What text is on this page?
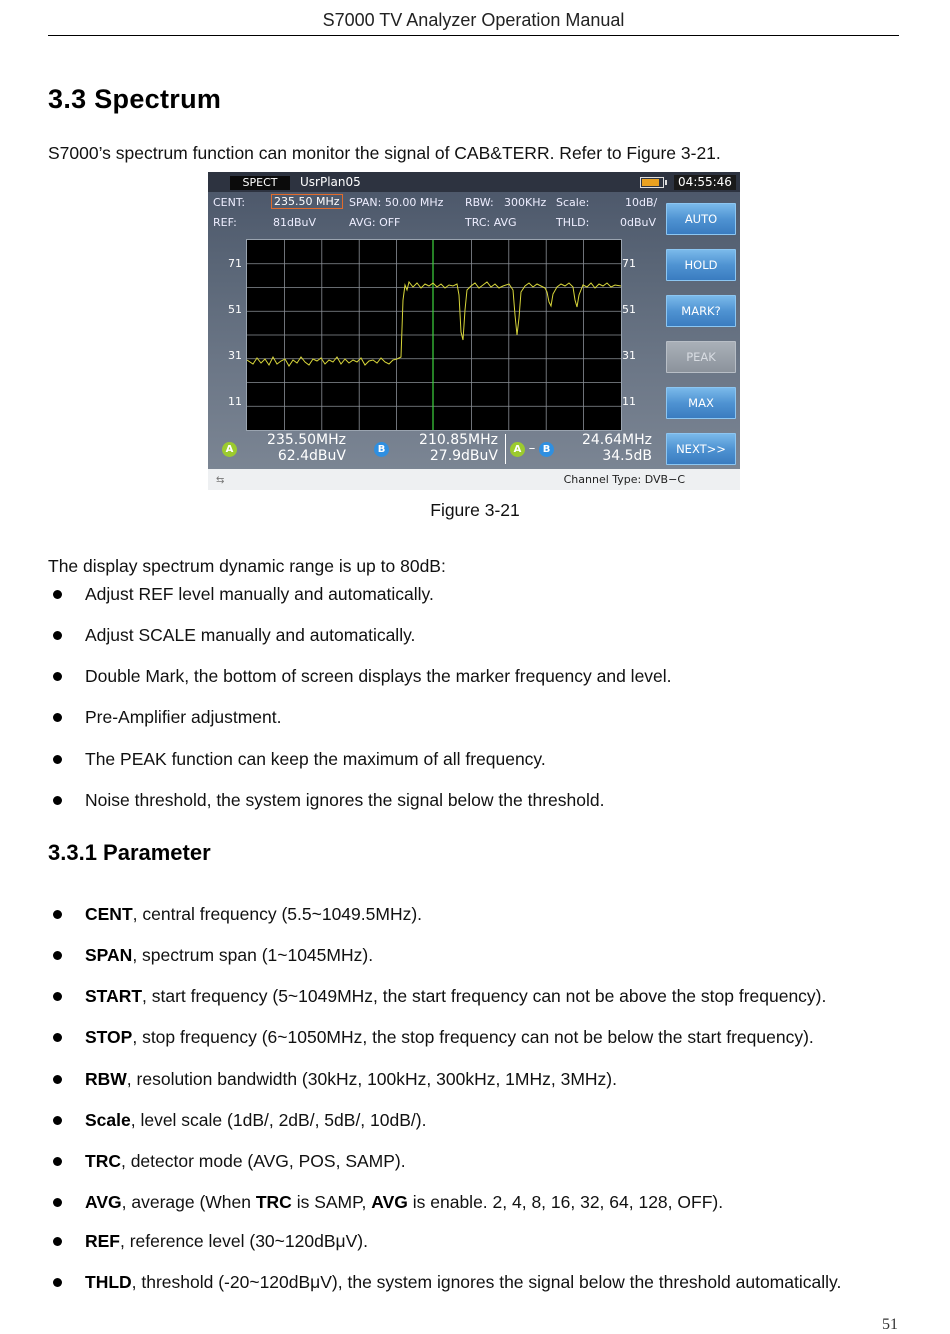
S7000 TV Analyzer Operation Manual
3.3 Spectrum
S7000’s spectrum function can monitor the signal of CAB&TERR. Refer to Figure 3-21.
SPECT	UsrPlan05	04:55:46
CENT:	235.50 MHz SPAN: 50.00 MHz RBW: 300KHz Scale:	10dB/
REF:	81dBuV	AVG: OFF	TRC: AVG	THLD:	0dBuV
71
51
31
11
71
51
31
11
AUTO
HOLD
MARK?
PEAK
MAX
NEXT>>
A
235.50MHz
62.4dBuV	B
210.85MHz
27.9dBuV	A – B
24.64MHz
34.5dB
⇆	Channel Type: DVB−C
Figure 3-21
The display spectrum dynamic range is up to 80dB:
Adjust REF level manually and automatically.
Adjust SCALE manually and automatically.
Double Mark, the bottom of screen displays the marker frequency and level.
Pre-Amplifier adjustment.
The PEAK function can keep the maximum of all frequency.
Noise threshold, the system ignores the signal below the threshold.
3.3.1 Parameter
CENT, central frequency (5.5~1049.5MHz).
SPAN, spectrum span (1~1045MHz).
START, start frequency (5~1049MHz, the start frequency can not be above the stop frequency).
STOP, stop frequency (6~1050MHz, the stop frequency can not be below the start frequency).
RBW, resolution bandwidth (30kHz, 100kHz, 300kHz, 1MHz, 3MHz).
Scale, level scale (1dB/, 2dB/, 5dB/, 10dB/).
TRC, detector mode (AVG, POS, SAMP).
AVG, average (When TRC is SAMP, AVG is enable. 2, 4, 8, 16, 32, 64, 128, OFF).
REF, reference level (30~120dBμV).
THLD, threshold (-20~120dBμV), the system ignores the signal below the threshold automatically.
51
